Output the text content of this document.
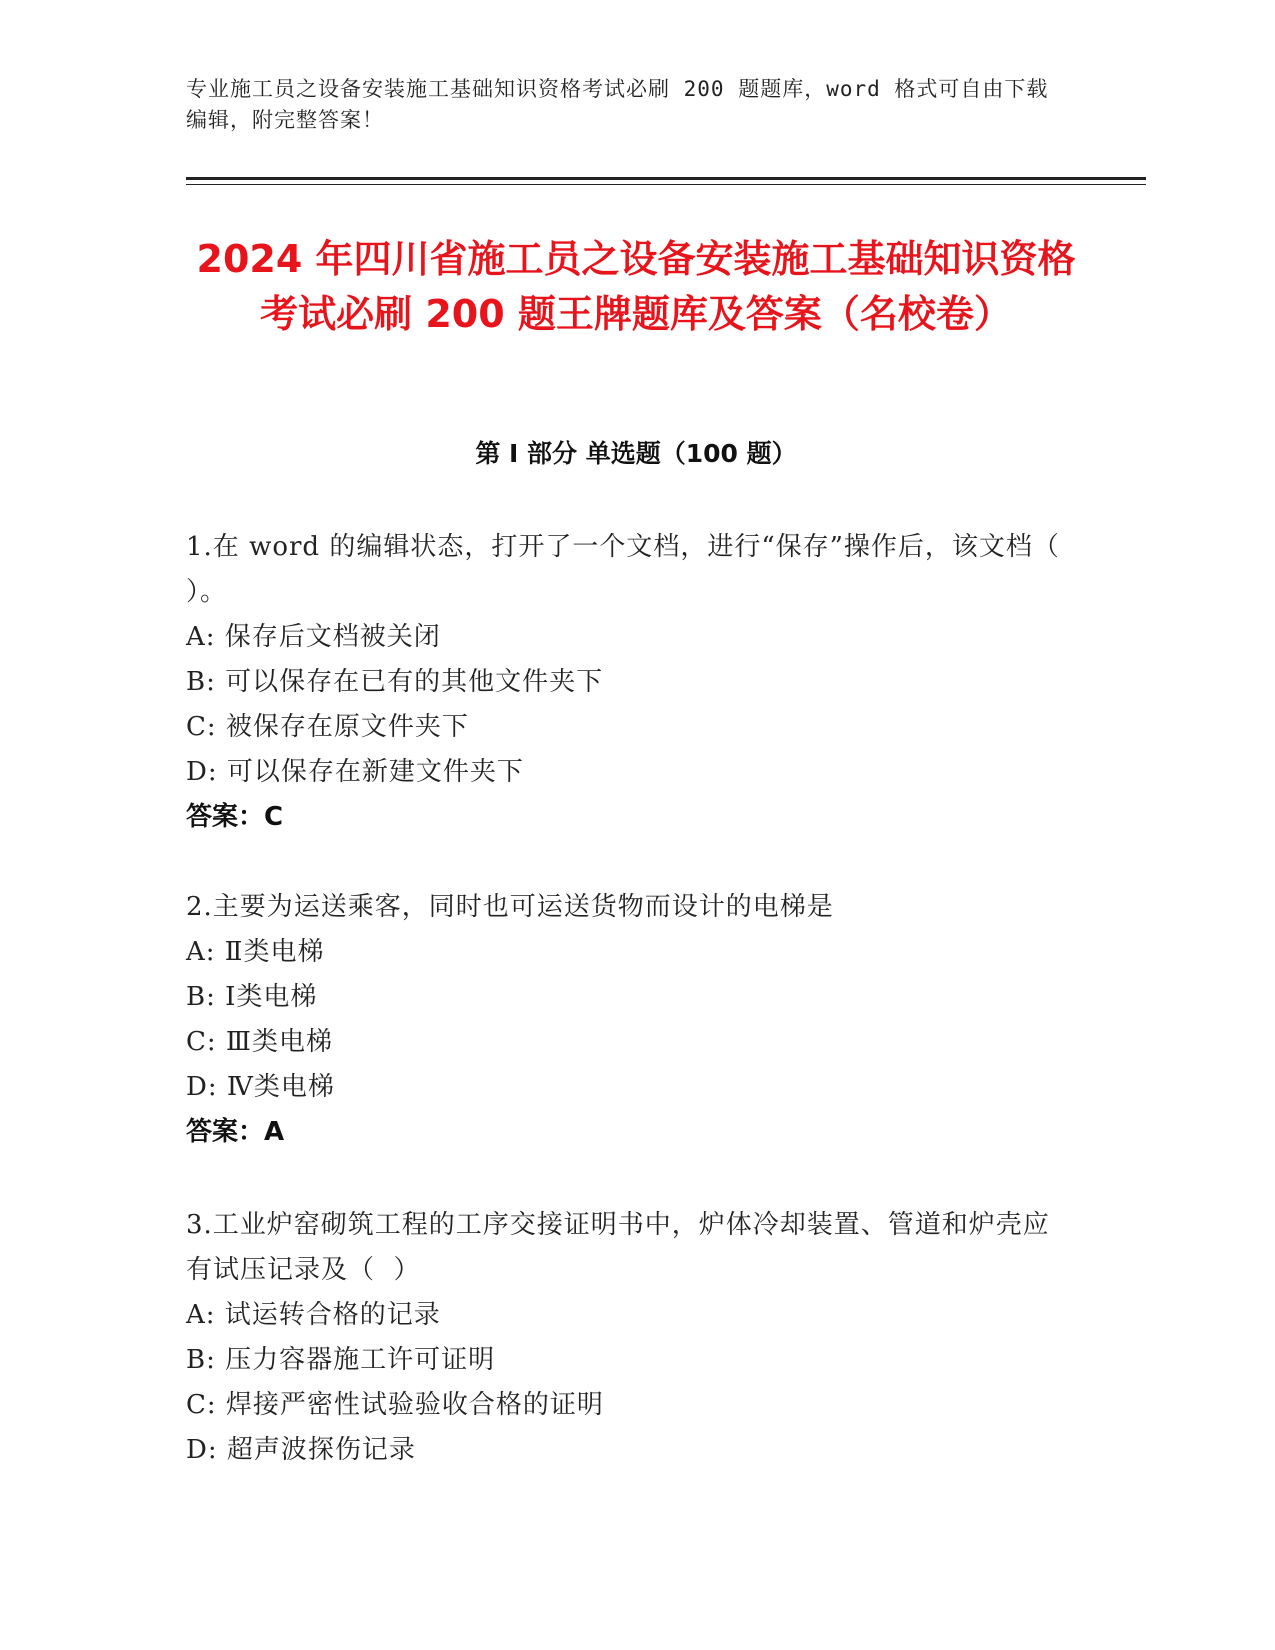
专业施工员之设备安装施工基础知识资格考试必刷 200 题题库，word 格式可自由下载编辑，附完整答案！
2024 年四川省施工员之设备安装施工基础知识资格考试必刷 200 题王牌题库及答案（名校卷）
第 I 部分 单选题（100 题）
1.在 word 的编辑状态，打开了一个文档，进行“保存”操作后，该文档（  ）。
A: 保存后文档被关闭
B: 可以保存在已有的其他文件夹下
C: 被保存在原文件夹下
D: 可以保存在新建文件夹下
答案：C
2.主要为运送乘客，同时也可运送货物而设计的电梯是
A: Ⅱ类电梯
B: Ⅰ类电梯
C: Ⅲ类电梯
D: Ⅳ类电梯
答案：A
3.工业炉窑砌筑工程的工序交接证明书中，炉体冷却装置、管道和炉壳应有试压记录及（  ）
A: 试运转合格的记录
B: 压力容器施工许可证明
C: 焊接严密性试验验收合格的证明
D: 超声波探伤记录
